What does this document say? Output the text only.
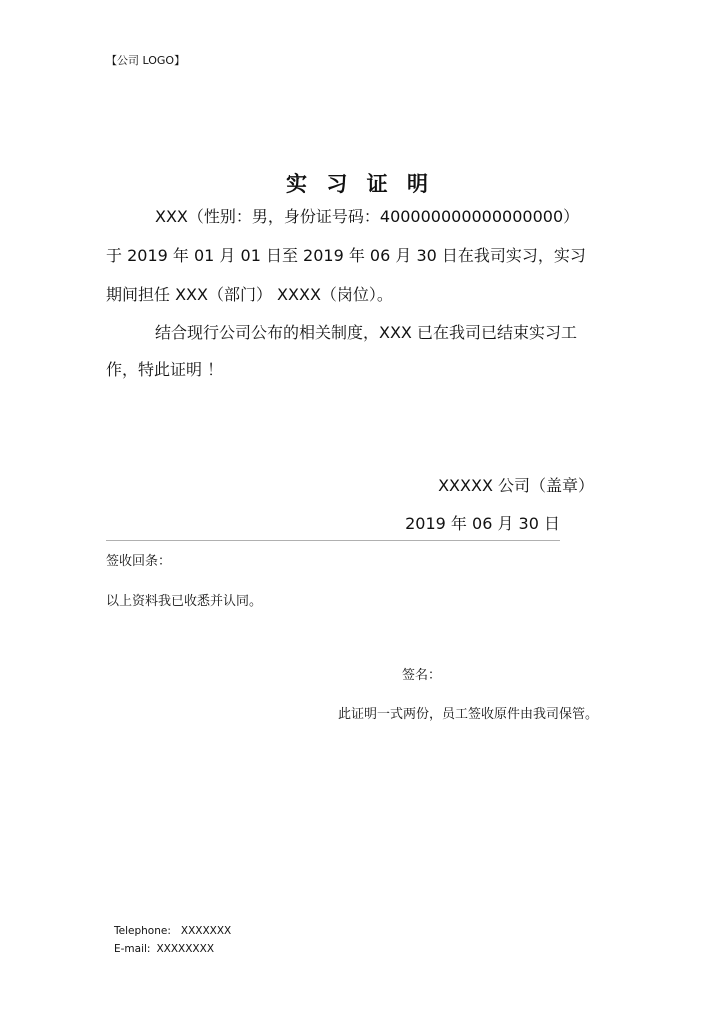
【公司 LOGO】
实 习 证 明
XXX（性别：男，身份证号码：400000000000000000）
于 2019 年 01 月 01 日至 2019 年 06 月 30 日在我司实习，实习
期间担任 XXX（部门） XXXX（岗位）。
结合现行公司公布的相关制度，XXX 已在我司已结束实习工
作，特此证明 ！
XXXXX 公司（盖章）
2019 年 06 月 30 日
签收回条：
以上资料我已收悉并认同。
签名：
此证明一式两份，员工签收原件由我司保管。
Telephone: XXXXXXX
E-mail: XXXXXXXX
